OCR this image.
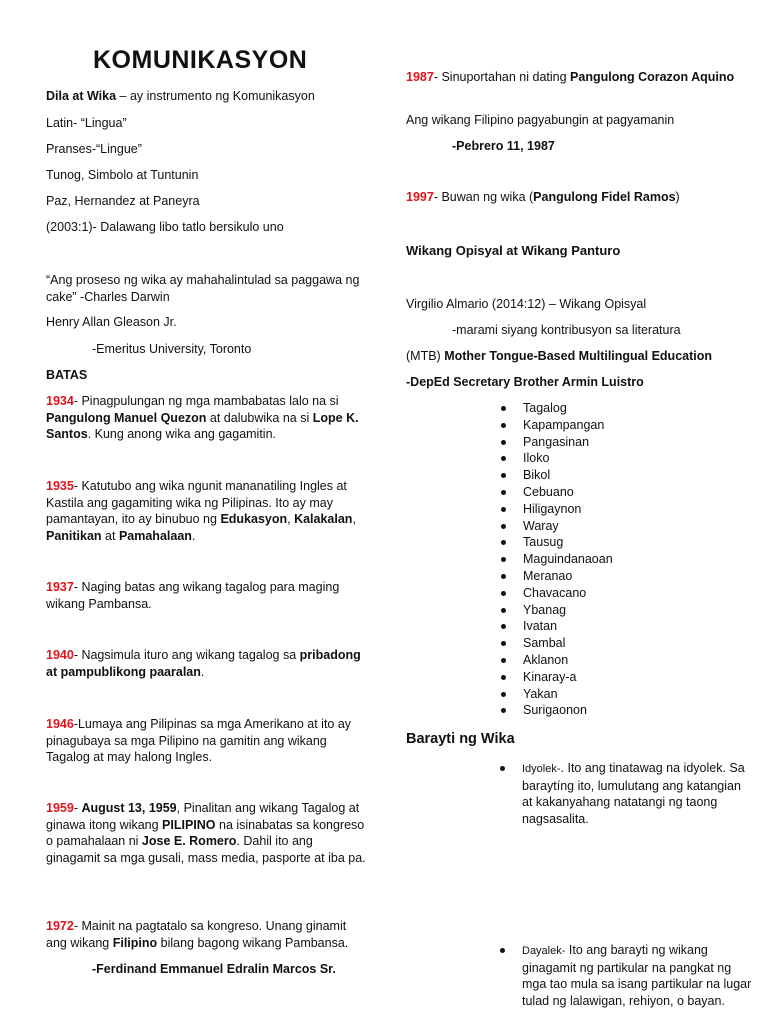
KOMUNIKASYON
Dila at Wika – ay instrumento ng Komunikasyon
Latin- “Lingua”
Pranses-“Lingue”
Tunog, Simbolo at Tuntunin
Paz, Hernandez at Paneyra
(2003:1)- Dalawang libo tatlo bersikulo uno
“Ang proseso ng wika ay mahahalintulad sa paggawa ng cake” -Charles Darwin
Henry Allan Gleason Jr.
-Emeritus University, Toronto
BATAS
1934- Pinagpulungan ng mga mambabatas lalo na si Pangulong Manuel Quezon at dalubwika na si Lope K. Santos. Kung anong wika ang gagamitin.
1935- Katutubo ang wika ngunit mananatiling Ingles at Kastila ang gagamiting wika ng Pilipinas. Ito ay may pamantayan, ito ay binubuo ng Edukasyon, Kalakalan, Panitikan at Pamahalaan.
1937- Naging batas ang wikang tagalog para maging wikang Pambansa.
1940- Nagsimula ituro ang wikang tagalog sa pribadong at pampublikong paaralan.
1946-Lumaya ang Pilipinas sa mga Amerikano at ito ay pinagubaya sa mga Pilipino na gamitin ang wikang Tagalog at may halong Ingles.
1959- August 13, 1959, Pinalitan ang wikang Tagalog at ginawa itong wikang PILIPINO na isinabatas sa kongreso o pamahalaan ni Jose E. Romero. Dahil ito ang ginagamit sa mga gusali, mass media, pasporte at iba pa.
1972- Mainit na pagtatalo sa kongreso. Unang ginamit ang wikang Filipino bilang bagong wikang Pambansa.
-Ferdinand Emmanuel Edralin Marcos Sr.
1987- Sinuportahan ni dating Pangulong Corazon Aquino
Ang wikang Filipino pagyabungin at pagyamanin
-Pebrero 11, 1987
1997- Buwan ng wika (Pangulong Fidel Ramos)
Wikang Opisyal at Wikang Panturo
Virgilio Almario (2014:12) – Wikang Opisyal
-marami siyang kontribusyon sa literatura
(MTB) Mother Tongue-Based Multilingual Education
-DepEd Secretary Brother Armin Luistro
Tagalog
Kapampangan
Pangasinan
Iloko
Bikol
Cebuano
Hiligaynon
Waray
Tausug
Maguindanaoan
Meranao
Chavacano
Ybanag
Ivatan
Sambal
Aklanon
Kinaray-a
Yakan
Surigaonon
Barayti ng Wika
Idyolek-. Ito ang tinatawag na idyolek. Sa baraytíng ito, lumulutang ang katangian at kakanyahang natatangi ng taong nagsasalita.
Dayalek- Ito ang barayti ng wikang ginagamit ng partikular na pangkat ng mga tao mula sa isang partikular na lugar tulad ng lalawigan, rehiyon, o bayan.
